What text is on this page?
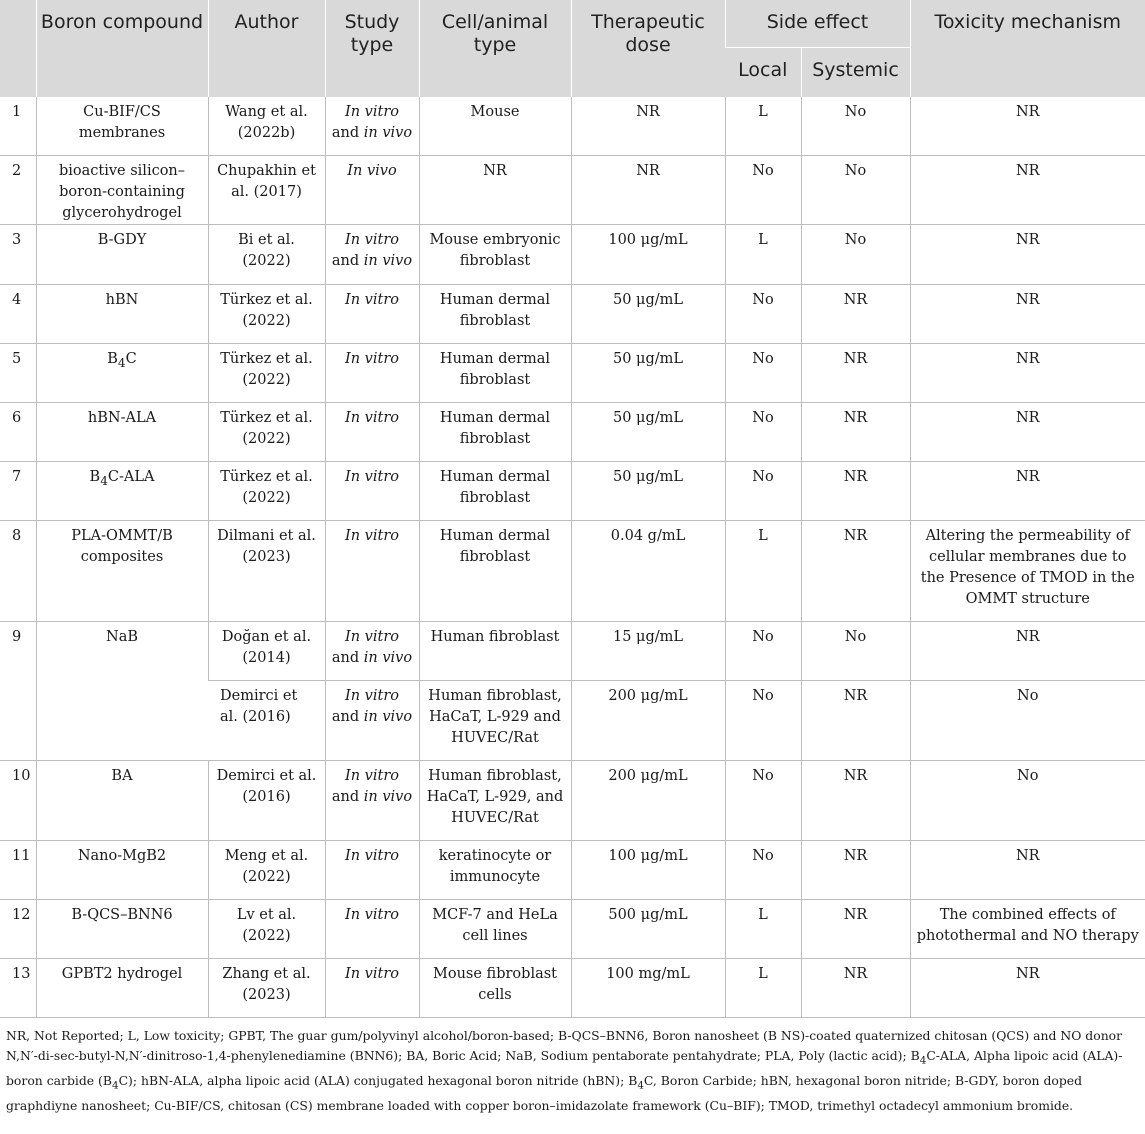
	Boron compound	Author	Study type	Cell/animal type	Therapeutic dose	Side effect		Toxicity mechanism
						Local	Systemic	
1	Cu-BIF/CS membranes	Wang et al. (2022b)	In vitro and in vivo	Mouse	NR	L	No	NR
2	bioactive silicon–boron-containing glycerohydrogel	Chupakhin et al. (2017)	In vivo	NR	NR	No	No	NR
3	B-GDY	Bi et al. (2022)	In vitro and in vivo	Mouse embryonic fibroblast	100 μg/mL	L	No	NR
4	hBN	Türkez et al. (2022)	In vitro	Human dermal fibroblast	50 μg/mL	No	NR	NR
5	$B_4C$	Türkez et al. (2022)	In vitro	Human dermal fibroblast	50 μg/mL	No	NR	NR
6	hBN-ALA	Türkez et al. (2022)	In vitro	Human dermal fibroblast	50 μg/mL	No	NR	NR
7	$B_4C$-ALA	Türkez et al. (2022)	In vitro	Human dermal fibroblast	50 μg/mL	No	NR	NR
8	PLA-OMMT/B composites	Dilmani et al. (2023)	In vitro	Human dermal fibroblast	0.04 g/mL	L	NR	Altering the permeability of cellular membranes due to the Presence of TMOD in the OMMT structure
9	NaB	Doğan et al. (2014)	In vitro and in vivo	Human fibroblast	15 μg/mL	No	No	NR
		Demirci et al. (2016)	In vitro and in vivo	Human fibroblast, HaCaT, L-929 and HUVEC/Rat	200 μg/mL	No	NR	No
10	BA	Demirci et al. (2016)	In vitro and in vivo	Human fibroblast, HaCaT, L-929, and HUVEC/Rat	200 μg/mL	No	NR	No
11	Nano-MgB2	Meng et al. (2022)	In vitro	keratinocyte or immunocyte	100 μg/mL	No	NR	NR
12	B-QCS–BNN6	Lv et al. (2022)	In vitro	MCF-7 and HeLa cell lines	500 μg/mL	L	NR	The combined effects of photothermal and NO therapy
13	GPBT2 hydrogel	Zhang et al. (2023)	In vitro	Mouse fibroblast cells	100 mg/mL	L	NR	NR

NR, Not Reported; L, Low toxicity; GPBT, The guar gum/polyvinyl alcohol/boron-based; B-QCS–BNN6, Boron nanosheet (B NS)-coated quaternized chitosan (QCS) and NO donor N,N′-di-sec-butyl-N,N′-dinitroso-1,4-phenylenediamine (BNN6); BA, Boric Acid; NaB, Sodium pentaborate pentahydrate; PLA, Poly (lactic acid); $B_4C$-ALA, Alpha lipoic acid (ALA)-boron carbide $(B_4C)$; hBN-ALA, alpha lipoic acid (ALA) conjugated hexagonal boron nitride (hBN); $B_4C$, Boron Carbide; hBN, hexagonal boron nitride; B-GDY, boron doped graphdiyne nanosheet; Cu-BIF/CS, chitosan (CS) membrane loaded with copper boron–imidazolate framework (Cu–BIF); TMOD, trimethyl octadecyl ammonium bromide.
